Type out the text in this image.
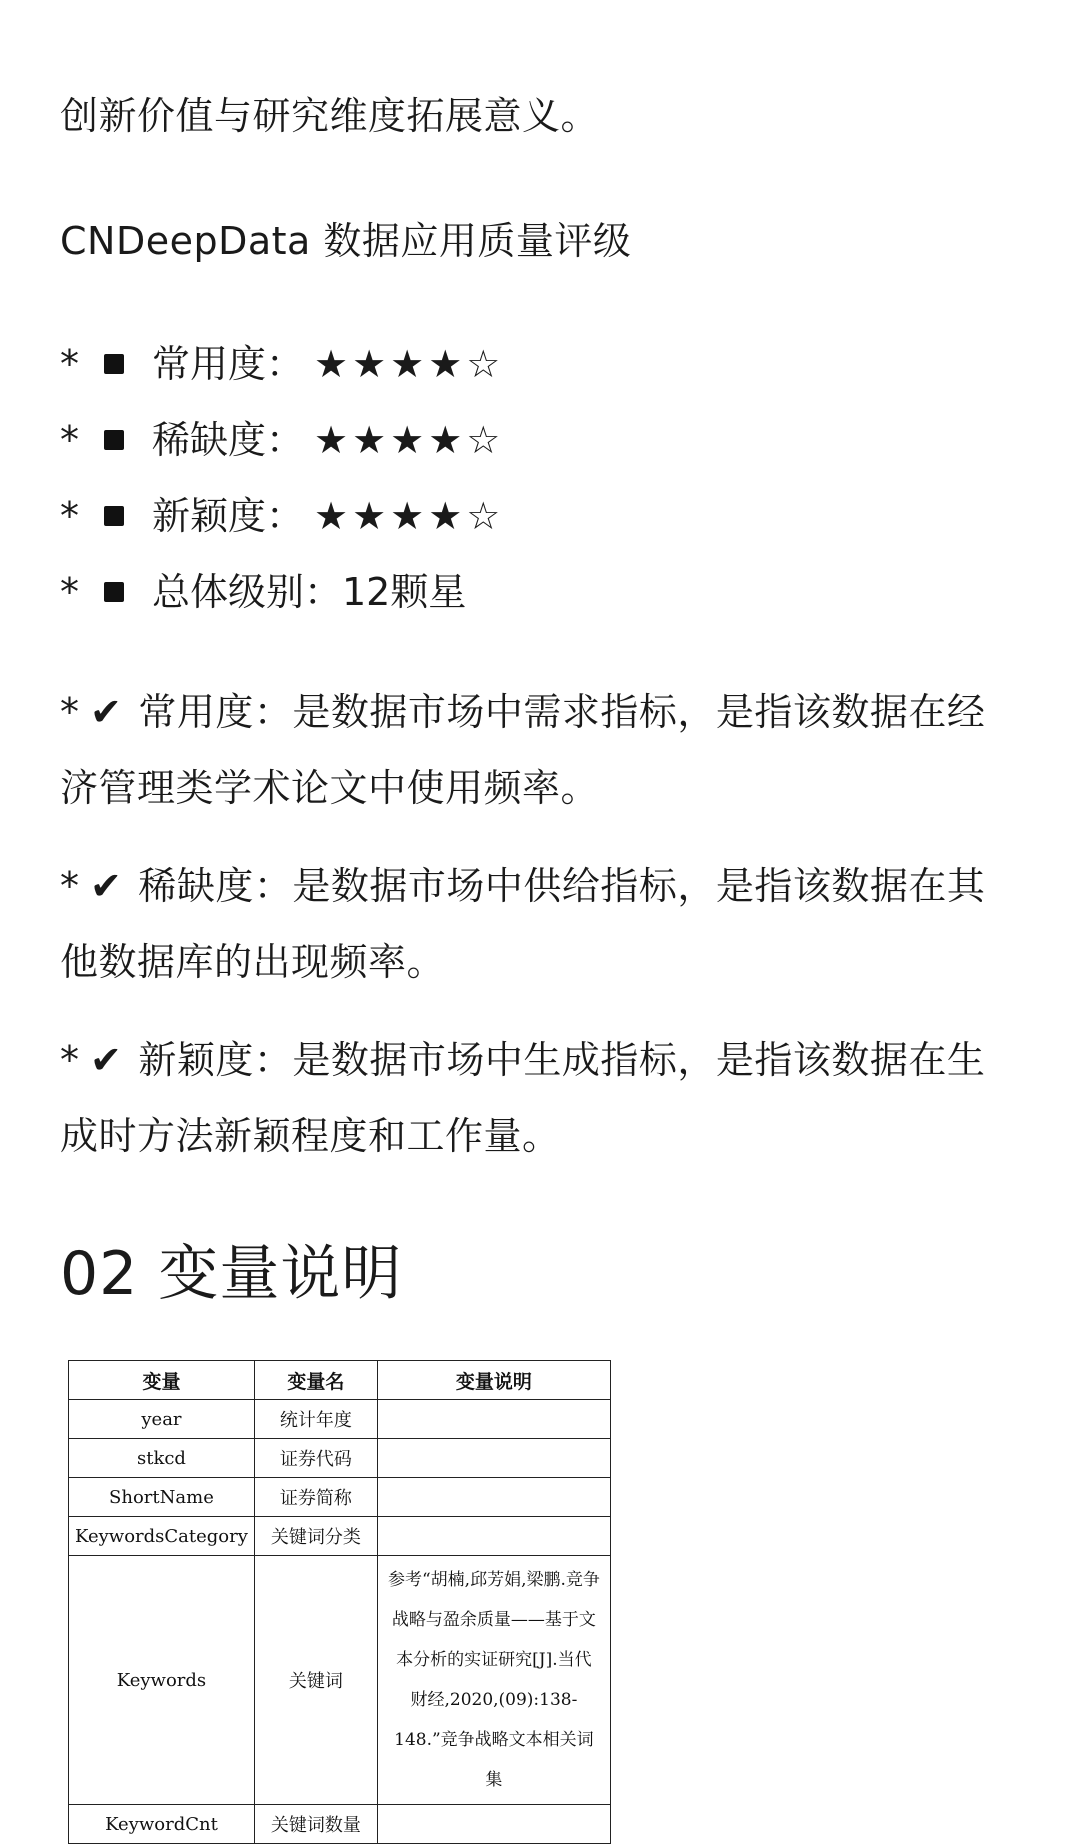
创新价值与研究维度拓展意义。

CNDeepData 数据应用质量评级

*	常用度： ★★★★☆
*	稀缺度： ★★★★☆
*	新颖度： ★★★★☆
*	总体级别：12颗星

* ✔ 常用度：是数据市场中需求指标，是指该数据在经济管理类学术论文中使用频率。

* ✔ 稀缺度：是数据市场中供给指标，是指该数据在其他数据库的出现频率。

* ✔ 新颖度：是数据市场中生成指标，是指该数据在生成时方法新颖程度和工作量。

02 变量说明
变量	变量名	变量说明
year	统计年度	
stkcd	证券代码	
ShortName	证券简称	
KeywordsCategory	关键词分类	
Keywords	关键词	参考“胡楠,邱芳娟,梁鹏.竞争战略与盈余质量——基于文本分析的实证研究[J].当代财经,2020,(09):138-148.”竞争战略文本相关词集
KeywordCnt	关键词数量	
